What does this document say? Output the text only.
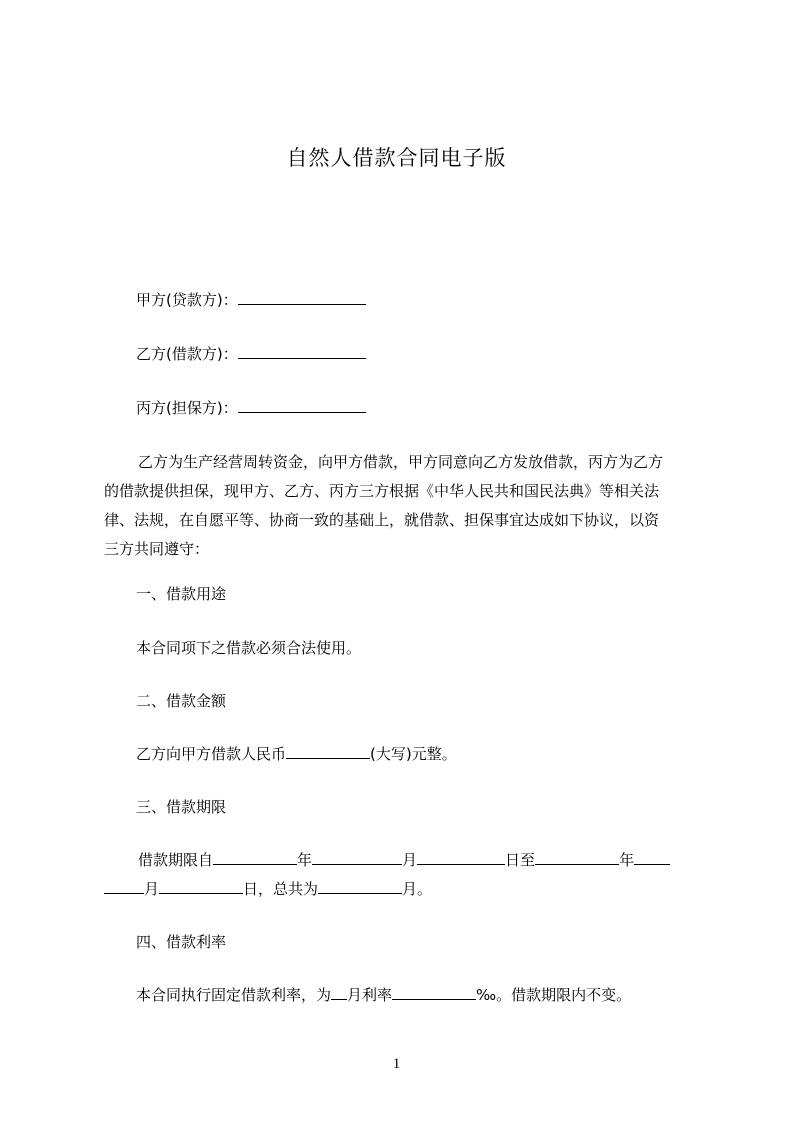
自然人借款合同电子版
甲方(贷款方)：
乙方(借款方)：
丙方(担保方)：
乙方为生产经营周转资金，向甲方借款，甲方同意向乙方发放借款，丙方为乙方
的借款提供担保，现甲方、乙方、丙方三方根据《中华人民共和国民法典》等相关法
律、法规，在自愿平等、协商一致的基础上，就借款、担保事宜达成如下协议，以资
三方共同遵守：
一、借款用途
本合同项下之借款必须合法使用。
二、借款金额
乙方向甲方借款人民币	(大写)元整。
三、借款期限
借款期限自	年	月	日至	年
月	日，总共为	月。
四、借款利率
本合同执行固定借款利率，为 月利率	‰。借款期限内不变。
1
